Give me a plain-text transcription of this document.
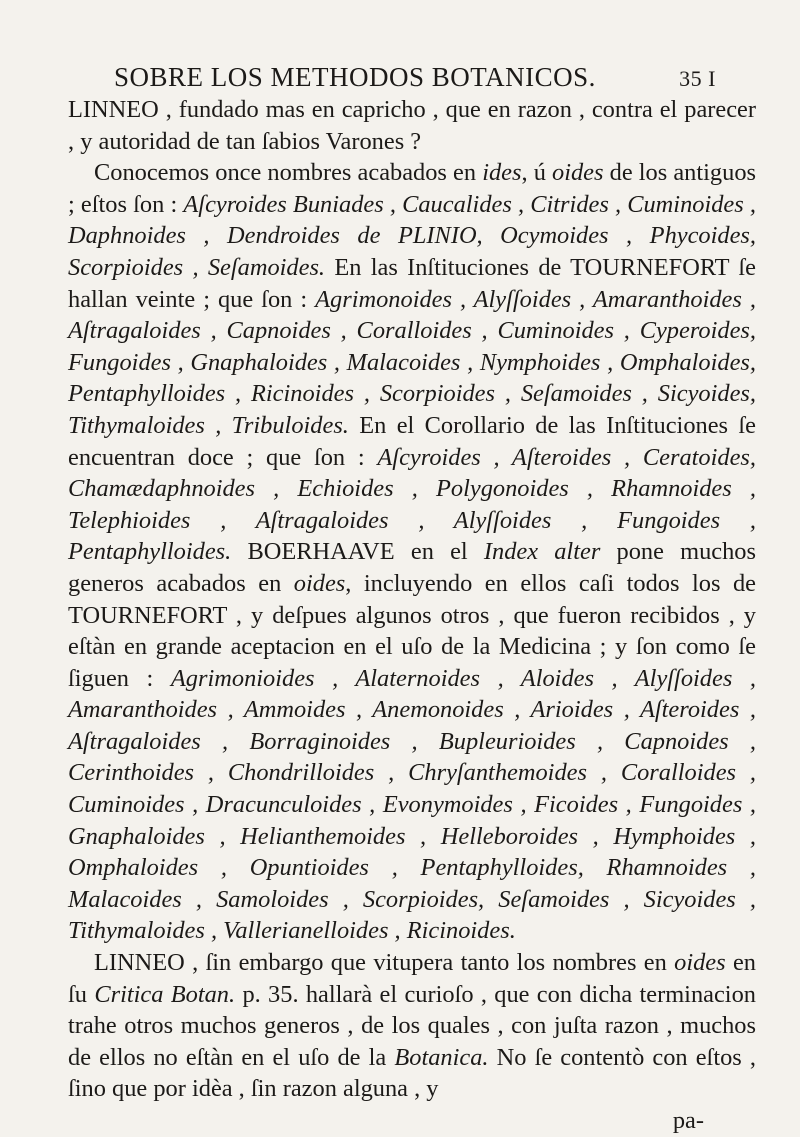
SOBRE LOS METHODOS BOTANICOS.	35 I

LINNEO , fundado mas en capricho , que en razon , contra el parecer , y autoridad de tan ſabios Varones ?

Conocemos once nombres acabados en ides, ú oides de los antiguos ; eſtos ſon : Aſcyroides Buniades , Caucalides , Citrides , Cuminoides , Daphnoides , Dendroides de PLINIO, Ocymoides , Phycoides, Scorpioides , Seſamoides. En las Inſtituciones de TOURNEFORT ſe hallan veinte ; que ſon : Agrimonoides , Alyſſoides , Amaranthoides , Aſtragaloides , Capnoides , Coralloides , Cuminoides , Cyperoides, Fungoides , Gnaphaloides , Malacoides , Nymphoides , Omphaloides, Pentaphylloides , Ricinoides , Scorpioides , Seſamoides , Sicyoides, Tithymaloides , Tribuloides. En el Corollario de las Inſtituciones ſe encuentran doce ; que ſon : Aſcyroides , Aſteroides , Ceratoides, Chamædaphnoides , Echioides , Polygonoides , Rhamnoides , Telephioides , Aſtragaloides , Alyſſoides , Fungoides , Pentaphylloides. BOERHAAVE en el Index alter pone muchos generos acabados en oides, incluyendo en ellos caſi todos los de TOURNEFORT , y deſpues algunos otros , que fueron recibidos , y eſtàn en grande aceptacion en el uſo de la Medicina ; y ſon como ſe ſiguen : Agrimonioides , Alaternoides , Aloides , Alyſſoides , Amaranthoides , Ammoides , Anemonoides , Arioides , Aſteroides , Aſtragaloides , Borraginoides , Bupleurioides , Capnoides , Cerinthoides , Chondrilloides , Chryſanthemoides , Coralloides , Cuminoides , Dracunculoides , Evonymoides , Ficoides , Fungoides , Gnaphaloides , Helianthemoides , Helleboroides , Hymphoides , Omphaloides , Opuntioides , Pentaphylloides, Rhamnoides , Malacoides , Samoloides , Scorpioides, Seſamoides , Sicyoides , Tithymaloides , Vallerianelloides , Ricinoides.

LINNEO , ſin embargo que vitupera tanto los nombres en oides en ſu Critica Botan. p. 35. hallarà el curioſo , que con dicha terminacion trahe otros muchos generos , de los quales , con juſta razon , muchos de ellos no eſtàn en el uſo de la Botanica. No ſe contentò con eſtos , ſino que por idèa , ſin razon alguna , y

pa-
